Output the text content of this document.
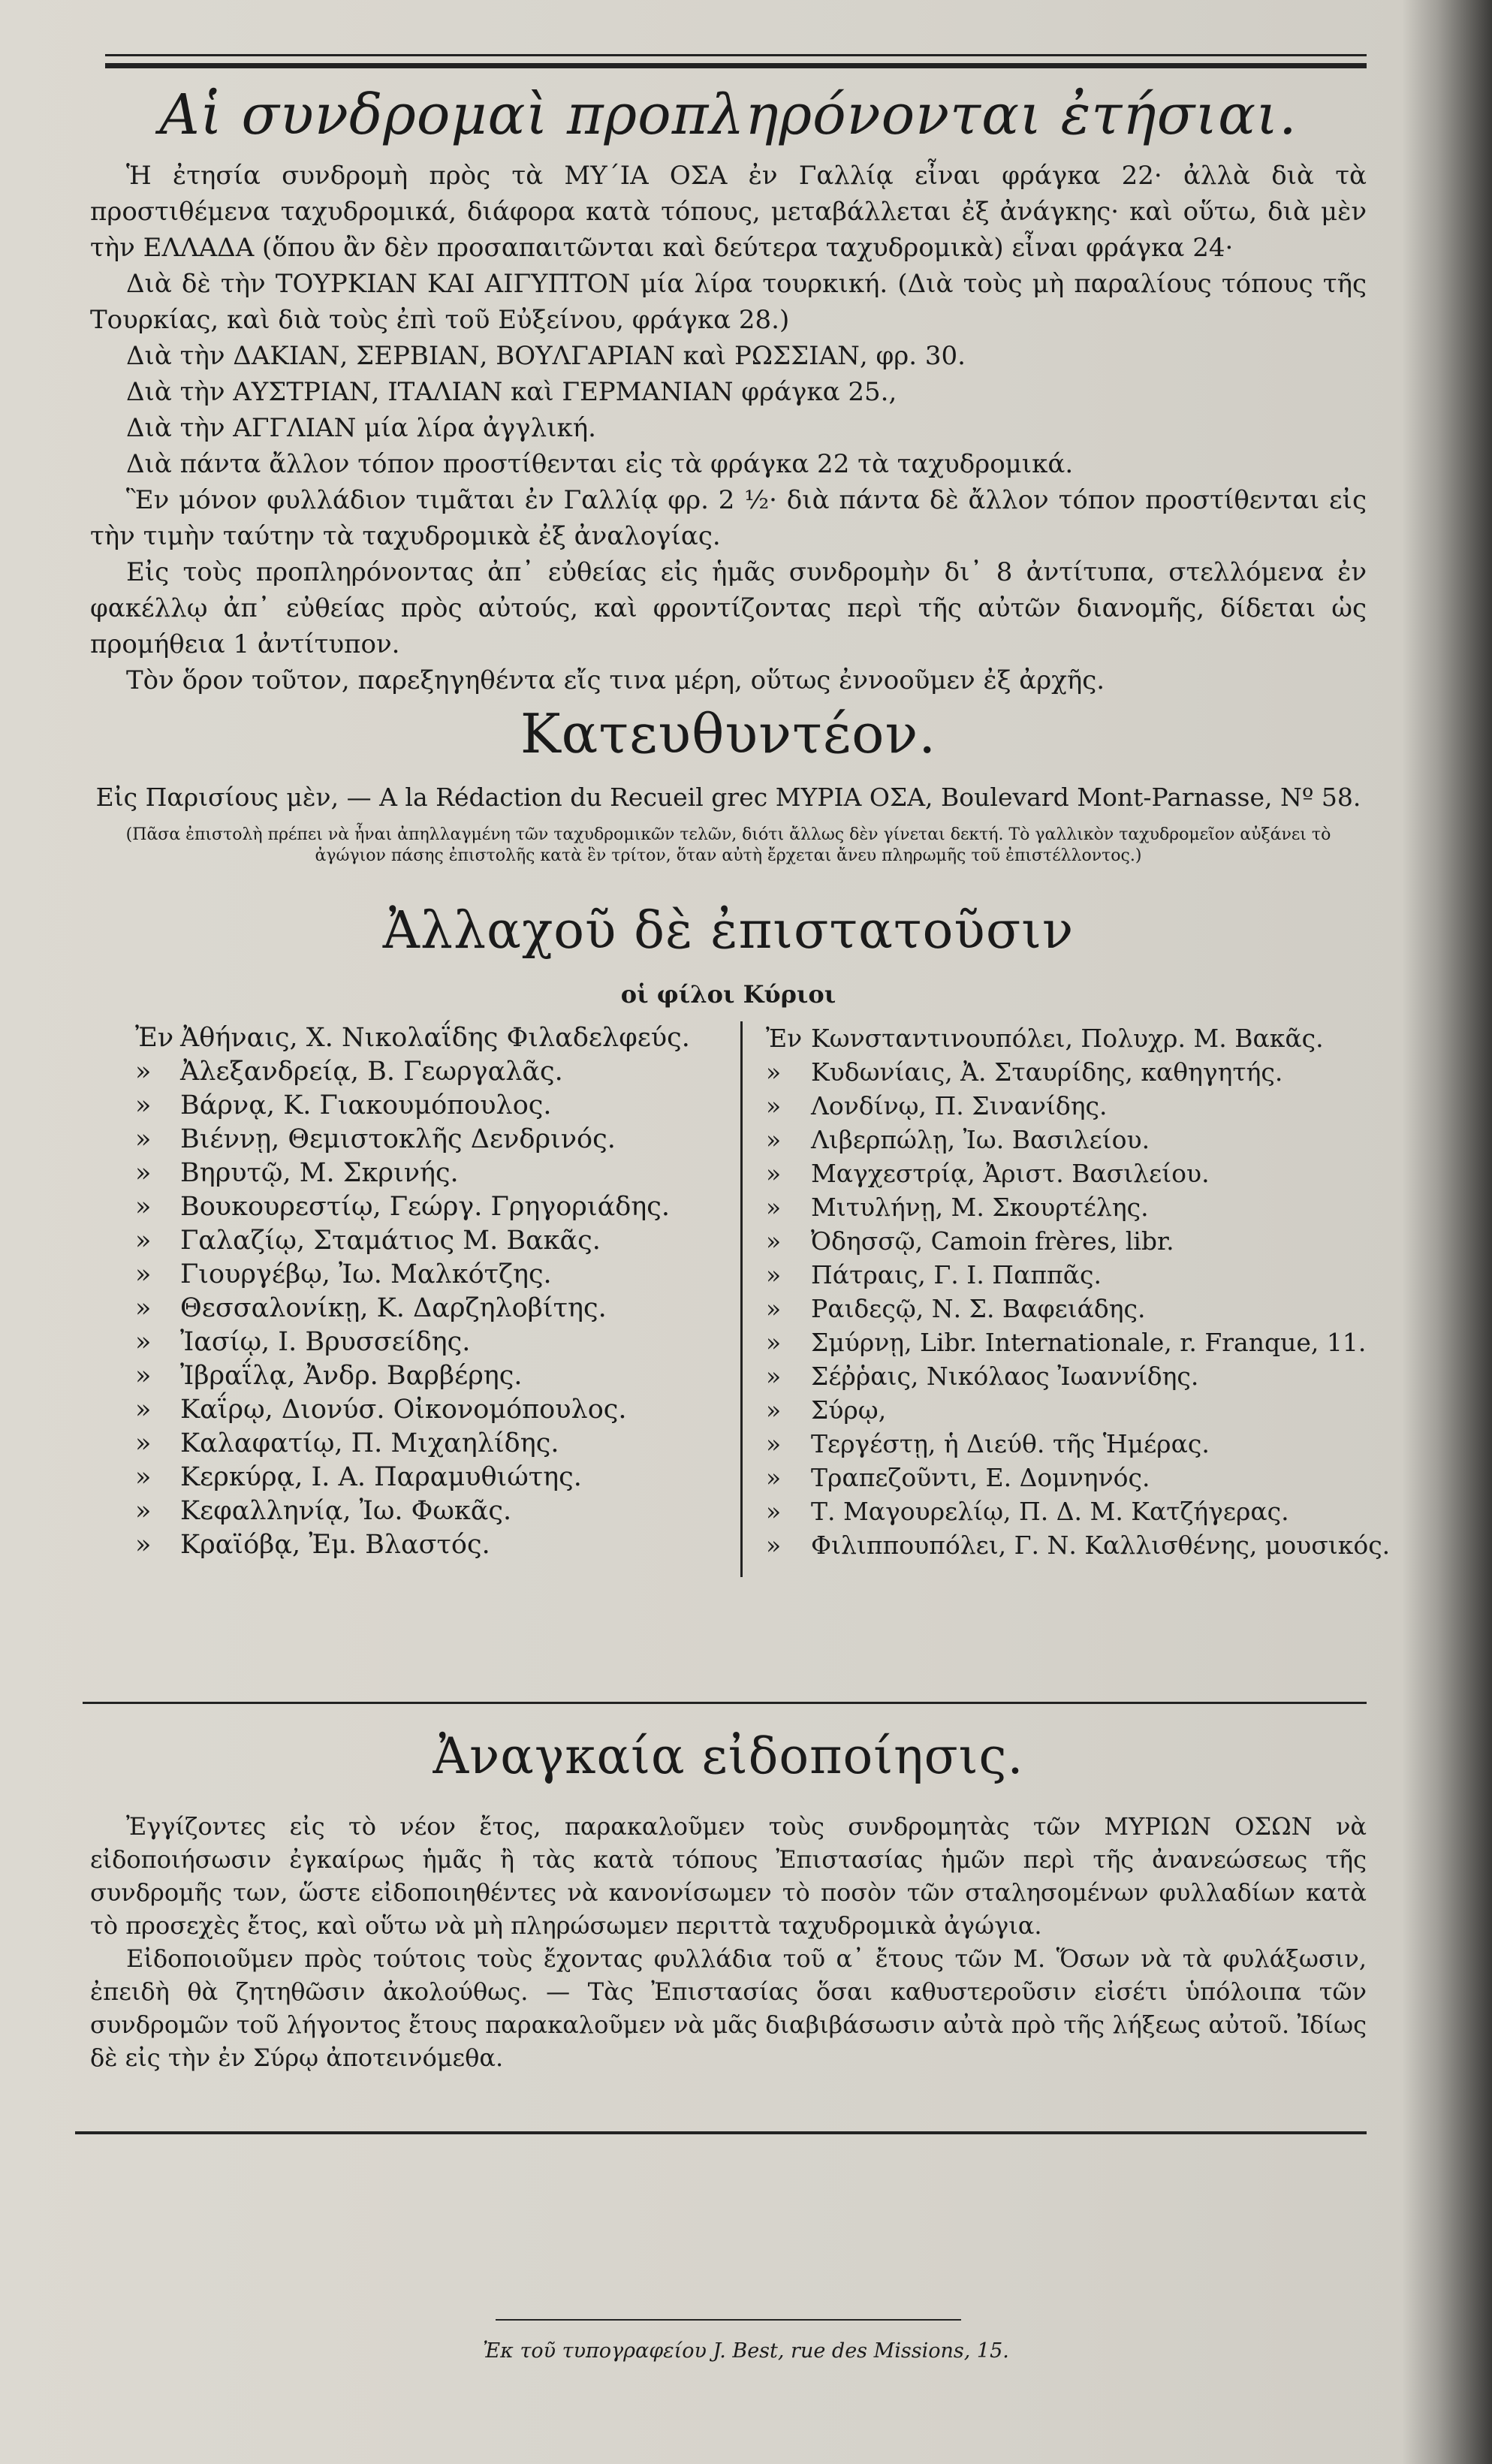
Αἱ συνδρομαὶ προπληρόνονται ἐτήσιαι.

Ἡ ἐτησία συνδρομὴ πρὸς τὰ ΜΥ΄ΙΑ ΟΣΑ ἐν Γαλλίᾳ εἶναι φράγκα 22· ἀλλὰ διὰ τὰ προστιθέμενα ταχυδρομικά, διάφορα κατὰ τόπους, μεταβάλλεται ἐξ ἀνάγκης· καὶ οὕτω, διὰ μὲν τὴν ΕΛΛΑΔΑ (ὅπου ἂν δὲν προσαπαιτῶνται καὶ δεύτερα ταχυδρομικὰ) εἶναι φράγκα 24·

Διὰ δὲ τὴν ΤΟΥΡΚΙΑΝ ΚΑΙ ΑΙΓΥΠΤΟΝ μία λίρα τουρκική. (Διὰ τοὺς μὴ παραλίους τόπους τῆς Τουρκίας, καὶ διὰ τοὺς ἐπὶ τοῦ Εὐξείνου, φράγκα 28.)

Διὰ τὴν ΔΑΚΙΑΝ, ΣΕΡΒΙΑΝ, ΒΟΥΛΓΑΡΙΑΝ καὶ ΡΩΣΣΙΑΝ, φρ. 30.

Διὰ τὴν ΑΥΣΤΡΙΑΝ, ΙΤΑΛΙΑΝ καὶ ΓΕΡΜΑΝΙΑΝ φράγκα 25.,

Διὰ τὴν ΑΓΓΛΙΑΝ μία λίρα ἀγγλική.

Διὰ πάντα ἄλλον τόπον προστίθενται εἰς τὰ φράγκα 22 τὰ ταχυδρομικά.

Ἓν μόνον φυλλάδιον τιμᾶται ἐν Γαλλίᾳ φρ. 2 ½· διὰ πάντα δὲ ἄλλον τόπον προστίθενται εἰς τὴν τιμὴν ταύτην τὰ ταχυδρομικὰ ἐξ ἀναλογίας.

Εἰς τοὺς προπληρόνοντας ἀπ᾿ εὐθείας εἰς ἡμᾶς συνδρομὴν δι᾿ 8 ἀντίτυπα, στελλόμενα ἐν φακέλλῳ ἀπ᾿ εὐθείας πρὸς αὐτούς, καὶ φροντίζοντας περὶ τῆς αὐτῶν διανομῆς, δίδεται ὡς προμήθεια 1 ἀντίτυπον.

Τὸν ὅρον τοῦτον, παρεξηγηθέντα εἴς τινα μέρη, οὕτως ἐννοοῦμεν ἐξ ἀρχῆς.

Κατευθυντέον.
Εἰς Παρισίους μὲν, — A la Rédaction du Recueil grec ΜΥΡΙΑ ΟΣΑ, Boulevard Mont-Parnasse, Nº 58.
(Πᾶσα ἐπιστολὴ πρέπει νὰ ἦναι ἀπηλλαγμένη τῶν ταχυδρομικῶν τελῶν, διότι ἄλλως δὲν γίνεται δεκτή. Τὸ γαλλικὸν ταχυδρομεῖον αὐξάνει τὸ ἀγώγιον πάσης ἐπιστολῆς κατὰ ἓν τρίτον, ὅταν αὐτὴ ἔρχεται ἄνευ πληρωμῆς τοῦ ἐπιστέλλοντος.)
Ἀλλαχοῦ δὲ ἐπιστατοῦσιν
οἱ φίλοι Κύριοι
Ἐν Ἀθήναις, Χ. Νικολαΐδης Φιλαδελφεύς.
» Ἀλεξανδρείᾳ, Β. Γεωργαλᾶς.
» Βάρνᾳ, Κ. Γιακουμόπουλος.
» Βιέννῃ, Θεμιστοκλῆς Δενδρινός.
» Βηρυτῷ, Μ. Σκρινής.
» Βουκουρεστίῳ, Γεώργ. Γρηγοριάδης.
» Γαλαζίῳ, Σταμάτιος Μ. Βακᾶς.
» Γιουργέβῳ, Ἰω. Μαλκότζης.
» Θεσσαλονίκῃ, Κ. Δαρζηλοβίτης.
» Ἰασίῳ, Ι. Βρυσσείδης.
» Ἰβραΐλᾳ, Ἀνδρ. Βαρβέρης.
» Καΐρῳ, Διονύσ. Οἰκονομόπουλος.
» Καλαφατίῳ, Π. Μιχαηλίδης.
» Κερκύρᾳ, Ι. Α. Παραμυθιώτης.
» Κεφαλληνίᾳ, Ἰω. Φωκᾶς.
» Κραϊόβᾳ, Ἐμ. Βλαστός.
Ἐν Κωνσταντινουπόλει, Πολυχρ. Μ. Βακᾶς.
» Κυδωνίαις, Ἀ. Σταυρίδης, καθηγητής.
» Λονδίνῳ, Π. Σινανίδης.
» Λιβερπώλῃ, Ἰω. Βασιλείου.
» Μαγχεστρίᾳ, Ἀριστ. Βασιλείου.
» Μιτυλήνῃ, Μ. Σκουρτέλης.
» Ὀδησσῷ, Camoin frères, libr.
» Πάτραις, Γ. Ι. Παππᾶς.
» Ραιδεςῷ, Ν. Σ. Βαφειάδης.
» Σμύρνῃ, Libr. Internationale, r. Franque, 11.
» Σέῤῥαις, Νικόλαος Ἰωαννίδης.
» Σύρῳ,
» Τεργέστῃ, ἡ Διεύθ. τῆς Ἡμέρας.
» Τραπεζοῦντι, Ε. Δομνηνός.
» Τ. Μαγουρελίῳ, Π. Δ. Μ. Κατζήγερας.
» Φιλιππουπόλει, Γ. Ν. Καλλισθένης, μουσικός.
Ἀναγκαία εἰδοποίησις.

Ἐγγίζοντες εἰς τὸ νέον ἔτος, παρακαλοῦμεν τοὺς συνδρομητὰς τῶν ΜΥΡΙΩΝ ΟΣΩΝ νὰ εἰδοποιήσωσιν ἐγκαίρως ἡμᾶς ἢ τὰς κατὰ τόπους Ἐπιστασίας ἡμῶν περὶ τῆς ἀνανεώσεως τῆς συνδρομῆς των, ὥστε εἰδοποιηθέντες νὰ κανονίσωμεν τὸ ποσὸν τῶν σταλησομένων φυλλαδίων κατὰ τὸ προσεχὲς ἔτος, καὶ οὕτω νὰ μὴ πληρώσωμεν περιττὰ ταχυδρομικὰ ἀγώγια.

Εἰδοποιοῦμεν πρὸς τούτοις τοὺς ἔχοντας φυλλάδια τοῦ α᾿ ἔτους τῶν Μ. Ὅσων νὰ τὰ φυλάξωσιν, ἐπειδὴ θὰ ζητηθῶσιν ἀκολούθως. — Τὰς Ἐπιστασίας ὅσαι καθυστεροῦσιν εἰσέτι ὑπόλοιπα τῶν συνδρομῶν τοῦ λήγοντος ἔτους παρακαλοῦμεν νὰ μᾶς διαβιβάσωσιν αὐτὰ πρὸ τῆς λήξεως αὐτοῦ. Ἰδίως δὲ εἰς τὴν ἐν Σύρῳ ἀποτεινόμεθα.

Ἐκ τοῦ τυπογραφείου J. Best, rue des Missions, 15.
